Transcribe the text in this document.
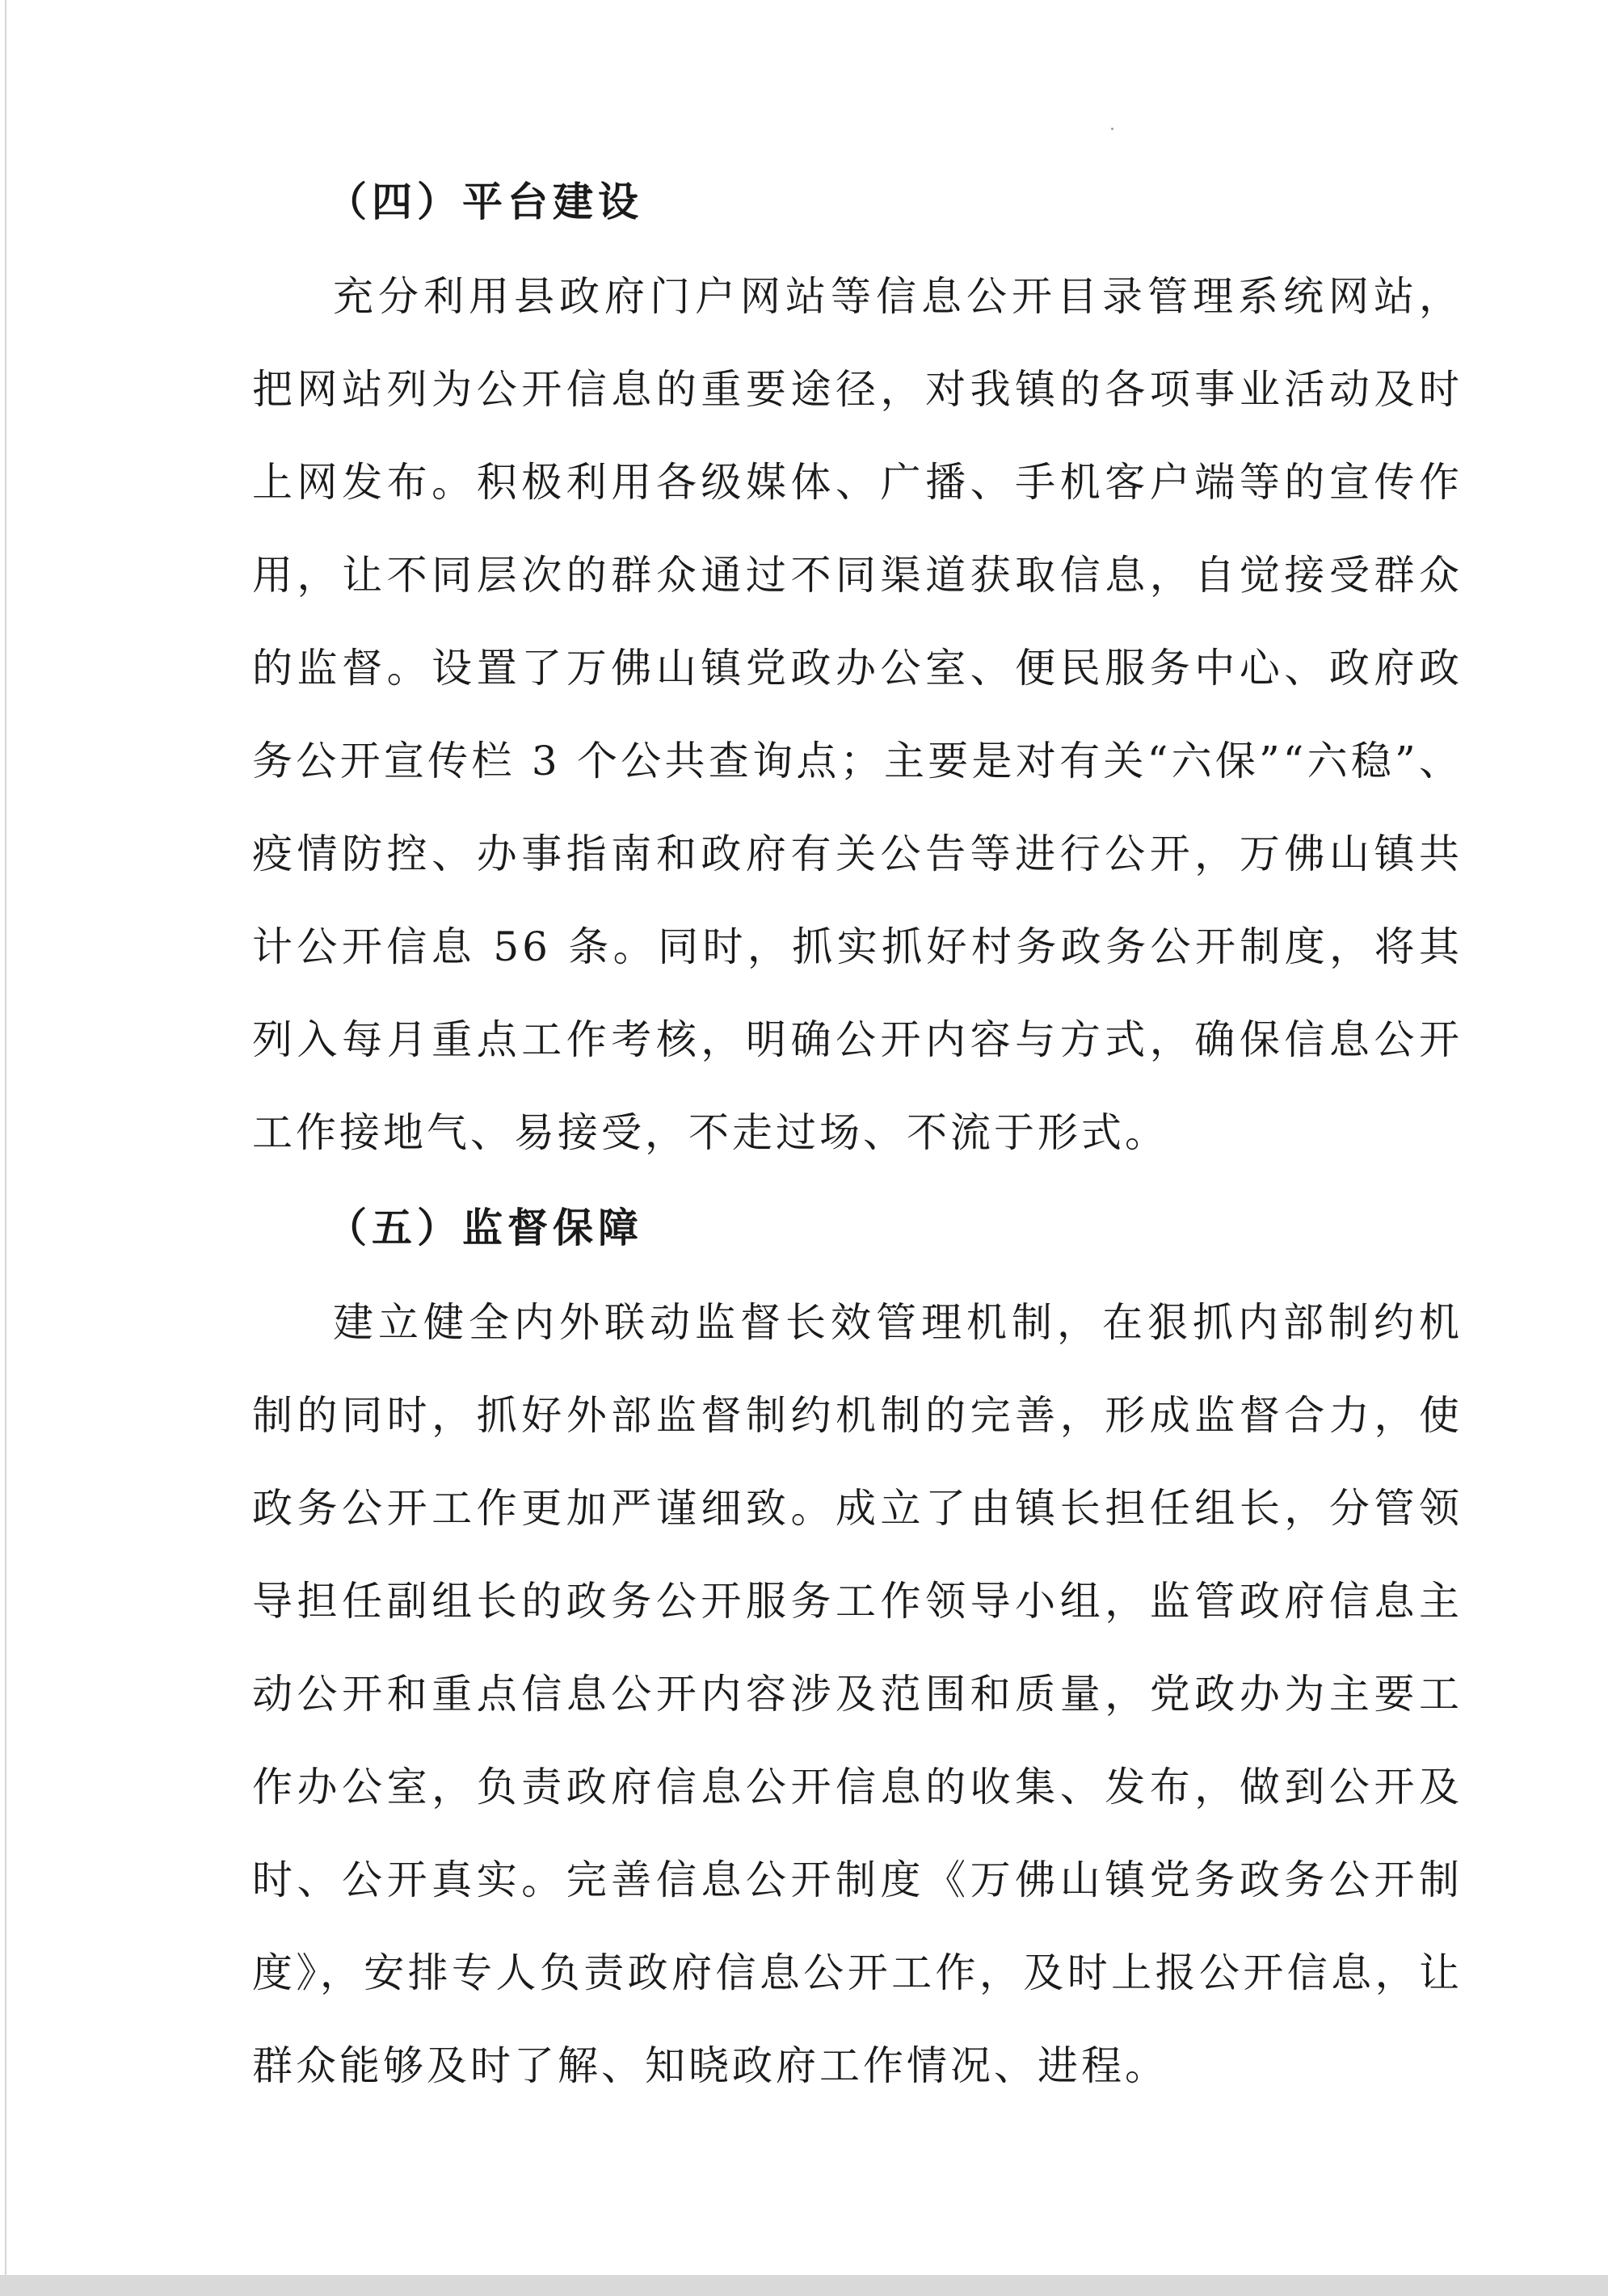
（四）平台建设

充分利用县政府门户网站等信息公开目录管理系统网站，把网站列为公开信息的重要途径，对我镇的各项事业活动及时上网发布。积极利用各级媒体、广播、手机客户端等的宣传作用，让不同层次的群众通过不同渠道获取信息，自觉接受群众的监督。设置了万佛山镇党政办公室、便民服务中心、政府政务公开宣传栏 3 个公共查询点；主要是对有关“六保”“六稳”、疫情防控、办事指南和政府有关公告等进行公开，万佛山镇共计公开信息 56 条。同时，抓实抓好村务政务公开制度，将其列入每月重点工作考核，明确公开内容与方式，确保信息公开工作接地气、易接受，不走过场、不流于形式。

（五）监督保障

建立健全内外联动监督长效管理机制，在狠抓内部制约机制的同时，抓好外部监督制约机制的完善，形成监督合力，使政务公开工作更加严谨细致。成立了由镇长担任组长，分管领导担任副组长的政务公开服务工作领导小组，监管政府信息主动公开和重点信息公开内容涉及范围和质量，党政办为主要工作办公室，负责政府信息公开信息的收集、发布，做到公开及时、公开真实。完善信息公开制度《万佛山镇党务政务公开制度》，安排专人负责政府信息公开工作，及时上报公开信息，让群众能够及时了解、知晓政府工作情况、进程。
